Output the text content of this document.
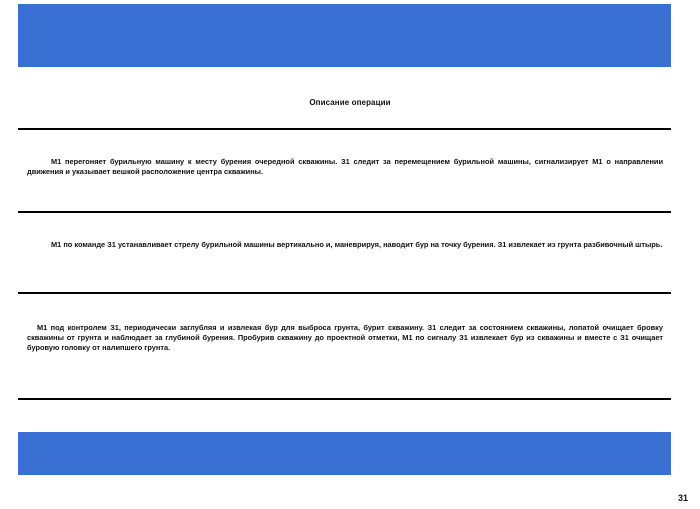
Описание операции

М1 перегоняет бурильную машину к месту бурения очередной скважины. З1 следит за перемещением бурильной машины, сигнализирует М1 о направлении движения и указывает вешкой расположение центра скважины.

М1 по команде З1 устанавливает стрелу бурильной машины вертикально и, маневрируя, наводит бур на точку бурения. З1 извлекает из грунта разбивочный штырь.

М1 под контролем З1, периодически заглубляя и извлекая бур для выброса грунта, бурит скважину. З1 следит за состоянием скважины, лопатой очищает бровку скважины от грунта и наблюдает за глубиной бурения. Пробурив скважину до проектной отметки, М1 по сигналу З1 извлекает бур из скважины и вместе с З1 очищает буровую головку от налипшего грунта.

31
